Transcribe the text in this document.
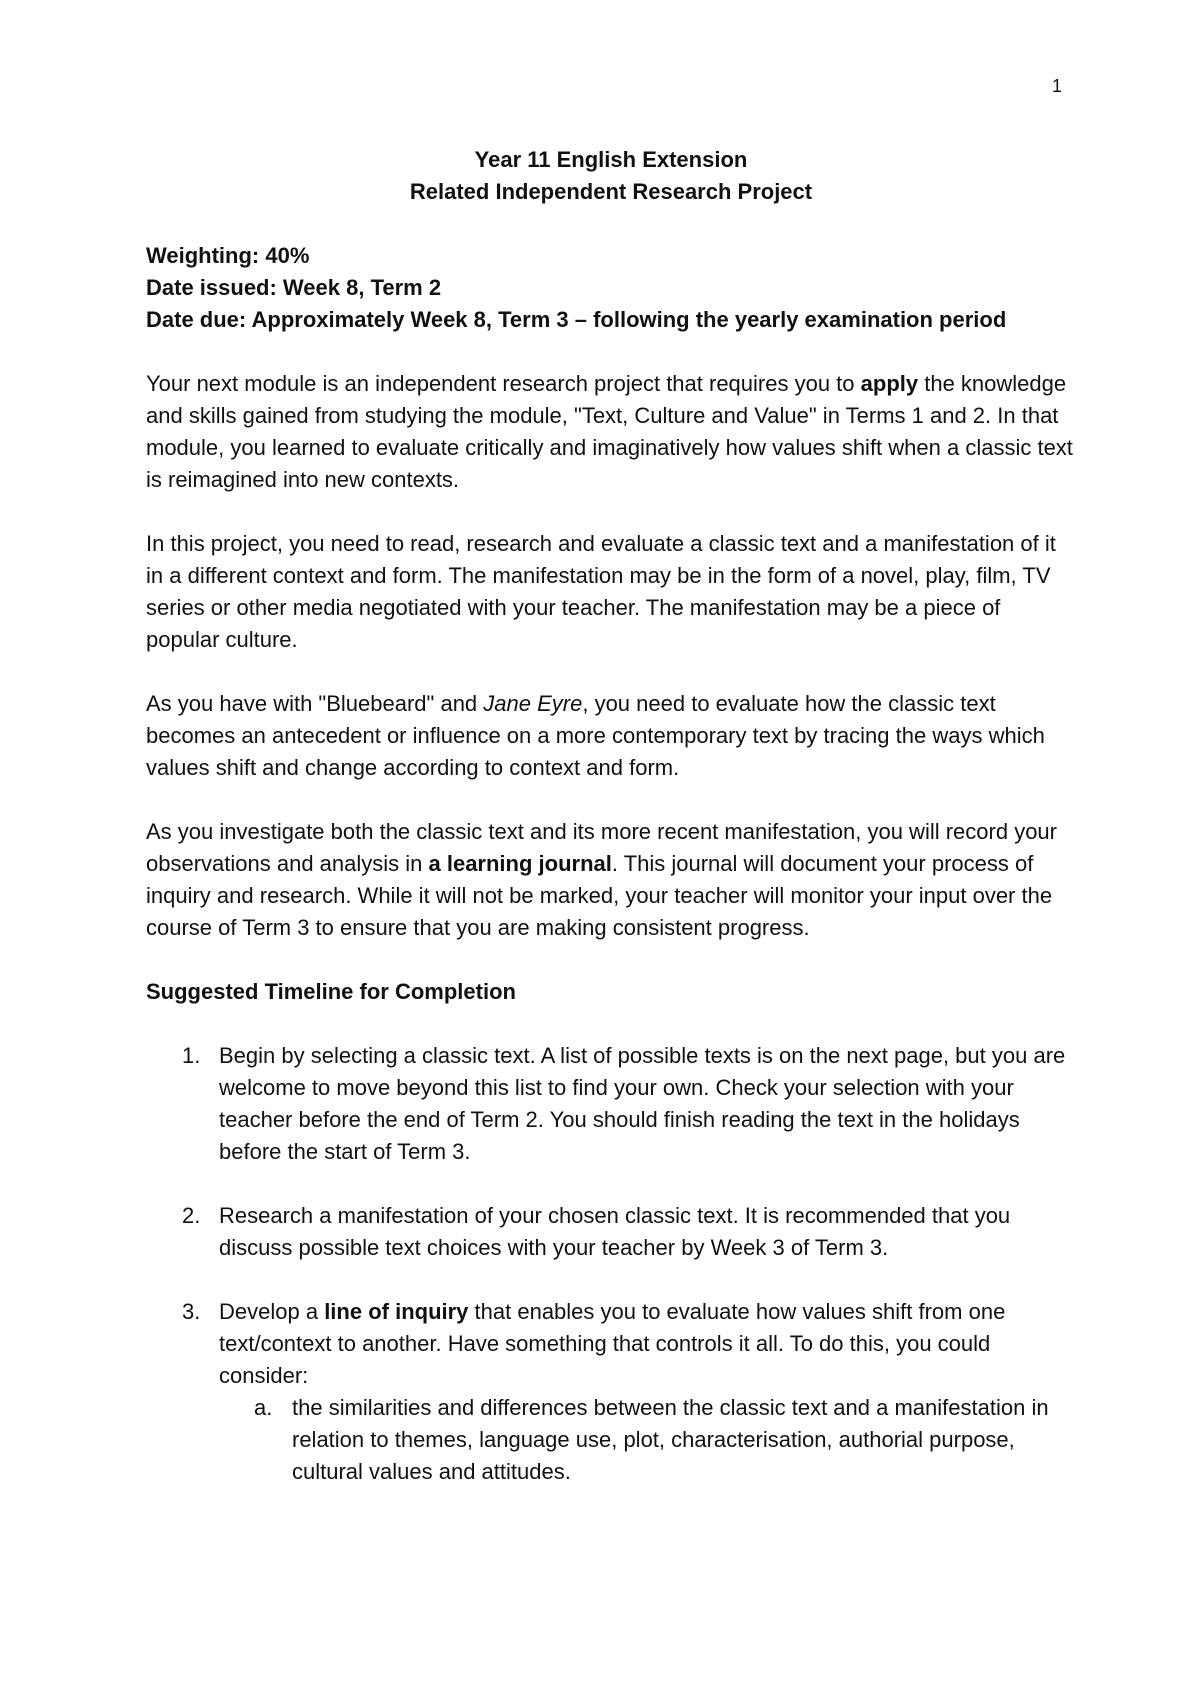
1
Year 11 English Extension
Related Independent Research Project
Weighting: 40%
Date issued: Week 8, Term 2
Date due: Approximately Week 8, Term 3 – following the yearly examination period

Your next module is an independent research project that requires you to apply the knowledge and skills gained from studying the module, "Text, Culture and Value" in Terms 1 and 2. In that module, you learned to evaluate critically and imaginatively how values shift when a classic text is reimagined into new contexts.

In this project, you need to read, research and evaluate a classic text and a manifestation of it in a different context and form. The manifestation may be in the form of a novel, play, film, TV series or other media negotiated with your teacher. The manifestation may be a piece of popular culture.

As you have with "Bluebeard" and Jane Eyre, you need to evaluate how the classic text becomes an antecedent or influence on a more contemporary text by tracing the ways which values shift and change according to context and form.

As you investigate both the classic text and its more recent manifestation, you will record your observations and analysis in a learning journal. This journal will document your process of inquiry and research. While it will not be marked, your teacher will monitor your input over the course of Term 3 to ensure that you are making consistent progress.

Suggested Timeline for Completion
1. Begin by selecting a classic text. A list of possible texts is on the next page, but you are welcome to move beyond this list to find your own. Check your selection with your teacher before the end of Term 2. You should finish reading the text in the holidays before the start of Term 3.
2. Research a manifestation of your chosen classic text. It is recommended that you discuss possible text choices with your teacher by Week 3 of Term 3.
3. Develop a line of inquiry that enables you to evaluate how values shift from one text/context to another. Have something that controls it all. To do this, you could consider:
a. the similarities and differences between the classic text and a manifestation in relation to themes, language use, plot, characterisation, authorial purpose, cultural values and attitudes.
